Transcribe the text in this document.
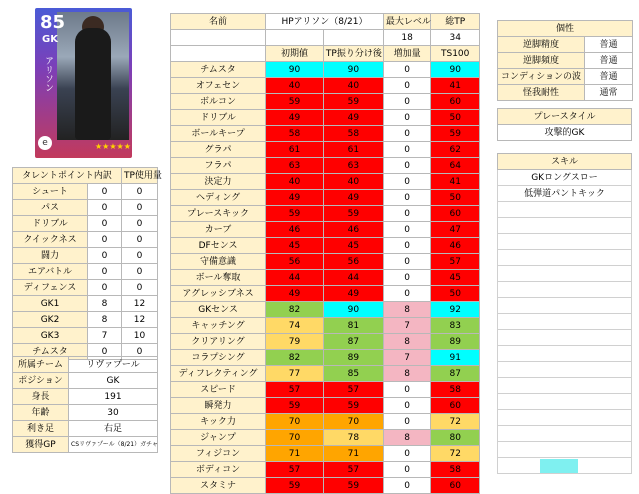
85
GK
アリソン
e	★★★★★
名前	HPアリソン（8/21）		最大レベル	総TP
			18	34
	初期値	TP振り分け後	増加量	TS100
チムスタ	90	90	0	90
オフェセン	40	40	0	41
ボルコン	59	59	0	60
ドリブル	49	49	0	50
ボールキープ	58	58	0	59
グラパ	61	61	0	62
フラパ	63	63	0	64
決定力	40	40	0	41
ヘディング	49	49	0	50
プレースキック	59	59	0	60
カーブ	46	46	0	47
DFセンス	45	45	0	46
守備意識	56	56	0	57
ボール奪取	44	44	0	45
アグレッシブネス	49	49	0	50
GKセンス	82	90	8	92
キャッチング	74	81	7	83
クリアリング	79	87	8	89
コラプシング	82	89	7	91
ディフレクティング	77	85	8	87
スピード	57	57	0	58
瞬発力	59	59	0	60
キック力	70	70	0	72
ジャンプ	70	78	8	80
フィジコン	71	71	0	72
ボディコン	57	57	0	58
スタミナ	59	59	0	60
タレントポイント内訳		TP使用量
シュート	0	0
パス	0	0
ドリブル	0	0
クイックネス	0	0
闘力	0	0
エアバトル	0	0
ディフェンス	0	0
GK1	8	12
GK2	8	12
GK3	7	10
チムスタ	0	0
所属チーム	リヴァプール
ポジション	GK
身長	191
年齢	30
利き足	右足
獲得GP	CSリヴァプール（8/21）ガチャ
個性	
逆脚精度	普通
逆脚頻度	普通
コンディションの波	普通
怪我耐性	通常
プレースタイル
攻撃的GK
スキル
GKロングスロー
低弾道パントキック
